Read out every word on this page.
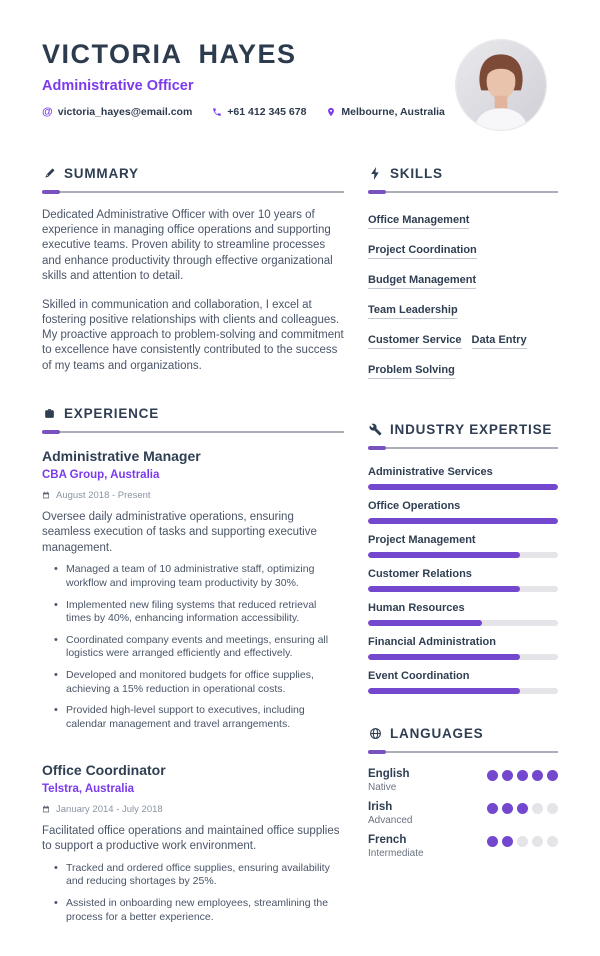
VICTORIA HAYES
Administrative Officer
@ victoria_hayes@email.com	+61 412 345 678	Melbourne, Australia
SUMMARY

Dedicated Administrative Officer with over 10 years of experience in managing office operations and supporting executive teams. Proven ability to streamline processes and enhance productivity through effective organizational skills and attention to detail.

Skilled in communication and collaboration, I excel at fostering positive relationships with clients and colleagues. My proactive approach to problem-solving and commitment to excellence have consistently contributed to the success of my teams and organizations.

EXPERIENCE
Administrative Manager
CBA Group, Australia
August 2018 - Present

Oversee daily administrative operations, ensuring seamless execution of tasks and supporting executive management.

• Managed a team of 10 administrative staff, optimizing workflow and improving team productivity by 30%.
• Implemented new filing systems that reduced retrieval times by 40%, enhancing information accessibility.
• Coordinated company events and meetings, ensuring all logistics were arranged efficiently and effectively.
• Developed and monitored budgets for office supplies, achieving a 15% reduction in operational costs.
• Provided high-level support to executives, including calendar management and travel arrangements.
Office Coordinator
Telstra, Australia
January 2014 - July 2018

Facilitated office operations and maintained office supplies to support a productive work environment.

• Tracked and ordered office supplies, ensuring availability and reducing shortages by 25%.
• Assisted in onboarding new employees, streamlining the process for a better experience.
SKILLS
Office ManagementProject CoordinationBudget ManagementTeam LeadershipCustomer Service Data EntryProblem Solving
INDUSTRY EXPERTISE
Administrative Services
Office Operations
Project Management
Customer Relations
Human Resources
Financial Administration
Event Coordination
LANGUAGES
English
Native
Irish
Advanced
French
Intermediate
